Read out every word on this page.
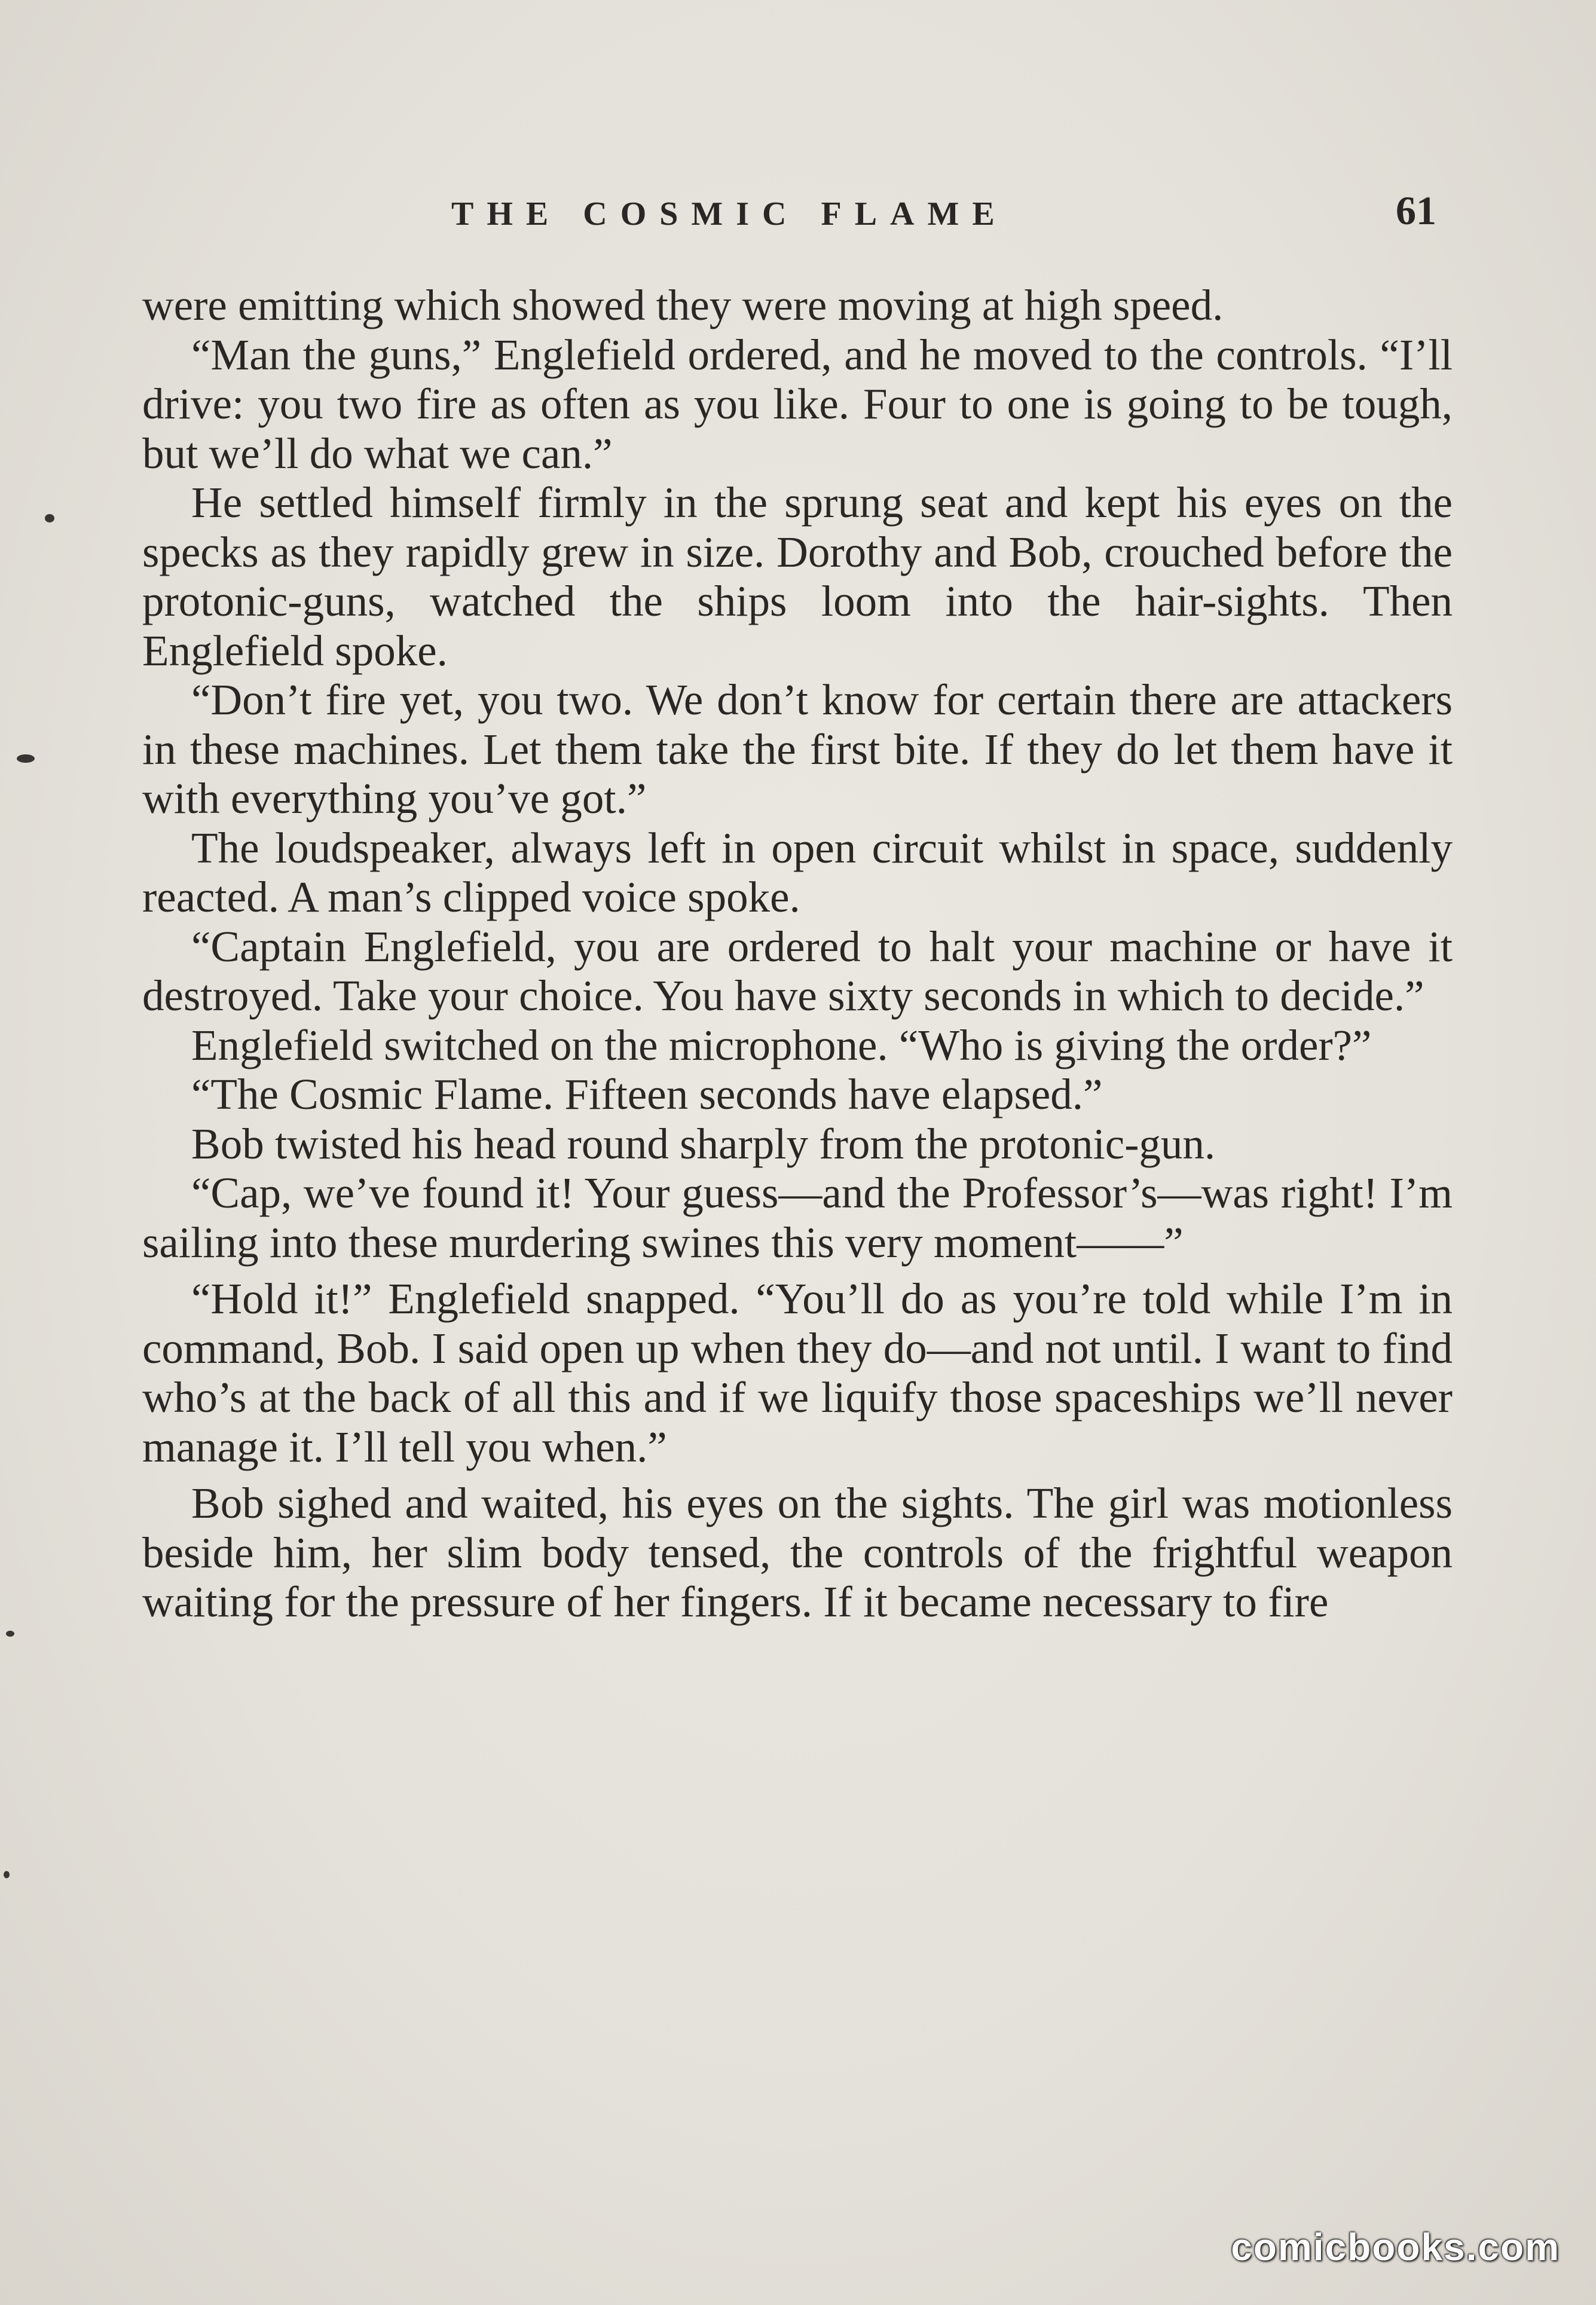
THE COSMIC FLAME	61

were emitting which showed they were moving at high speed.

“Man the guns,” Englefield ordered, and he moved to the controls. “I’ll drive: you two fire as often as you like. Four to one is going to be tough, but we’ll do what we can.”

He settled himself firmly in the sprung seat and kept his eyes on the specks as they rapidly grew in size. Dorothy and Bob, crouched before the protonic-guns, watched the ships loom into the hair-sights. Then Englefield spoke.

“Don’t fire yet, you two. We don’t know for certain there are attackers in these machines. Let them take the first bite. If they do let them have it with everything you’ve got.”

The loudspeaker, always left in open circuit whilst in space, suddenly reacted. A man’s clipped voice spoke.

“Captain Englefield, you are ordered to halt your machine or have it destroyed. Take your choice. You have sixty seconds in which to decide.”

Englefield switched on the microphone. “Who is giving the order?”

“The Cosmic Flame. Fifteen seconds have elapsed.”

Bob twisted his head round sharply from the protonic-gun.

“Cap, we’ve found it! Your guess—and the Professor’s—was right! I’m sailing into these murdering swines this very moment——”

“Hold it!” Englefield snapped. “You’ll do as you’re told while I’m in command, Bob. I said open up when they do—and not until. I want to find who’s at the back of all this and if we liquify those spaceships we’ll never manage it. I’ll tell you when.”

Bob sighed and waited, his eyes on the sights. The girl was motionless beside him, her slim body tensed, the controls of the frightful weapon waiting for the pressure of her fingers. If it became necessary to fire

comicbooks.com
